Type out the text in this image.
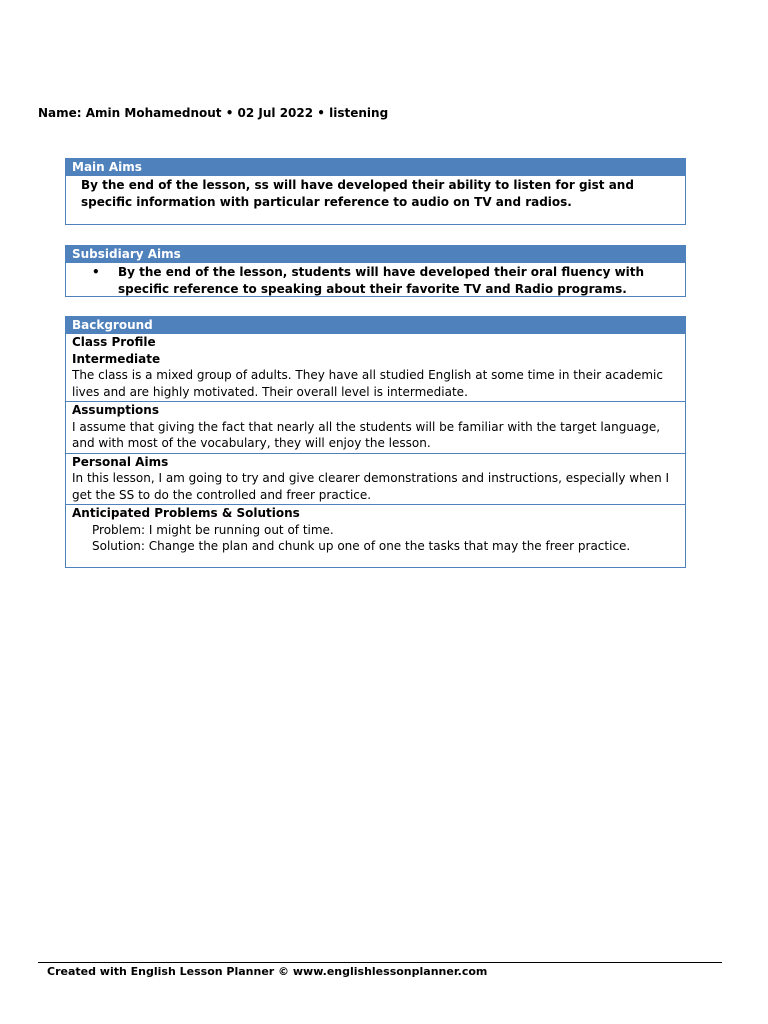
Name: Amin Mohamednout • 02 Jul 2022 • listening
Main Aims
By the end of the lesson, ss will have developed their ability to listen for gist and specific information with particular reference to audio on TV and radios.
Subsidiary Aims
• By the end of the lesson, students will have developed their oral fluency with specific reference to speaking about their favorite TV and Radio programs.
Background
Class Profile
Intermediate
The class is a mixed group of adults. They have all studied English at some time in their academic lives and are highly motivated. Their overall level is intermediate.
Assumptions
I assume that giving the fact that nearly all the students will be familiar with the target language, and with most of the vocabulary, they will enjoy the lesson.
Personal Aims
In this lesson, I am going to try and give clearer demonstrations and instructions, especially when I get the SS to do the controlled and freer practice.
Anticipated Problems & Solutions
Problem: I might be running out of time.
Solution: Change the plan and chunk up one of one the tasks that may the freer practice.
Created with English Lesson Planner © www.englishlessonplanner.com
